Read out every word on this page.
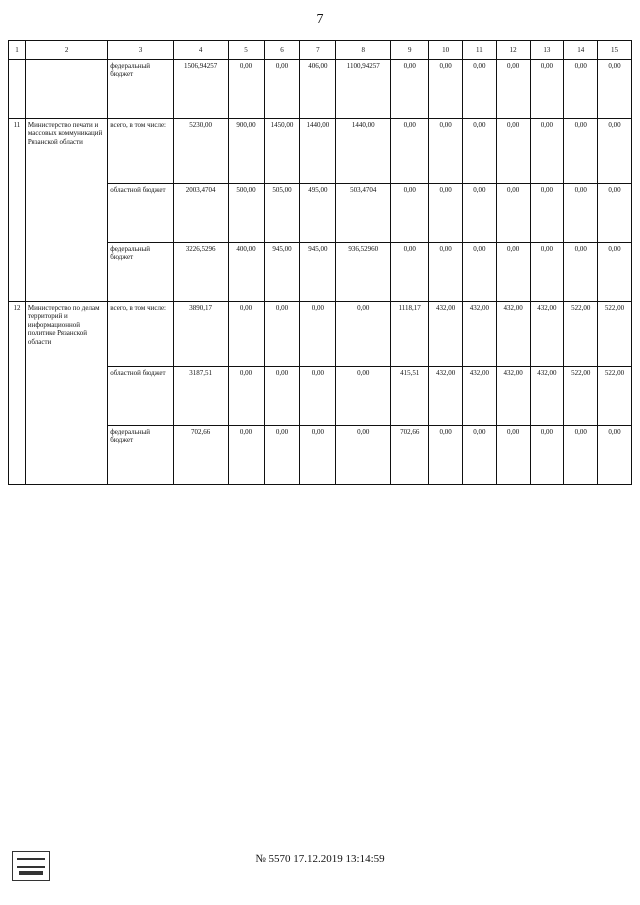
7
1	2	3	4	5	6	7	8	9	10	11	12	13	14	15
		федеральный бюджет	1506,94257	0,00	0,00	406,00	1100,94257	0,00	0,00	0,00	0,00	0,00	0,00	0,00
11	Министерство печати и массовых коммуникаций Рязанской области	всего, в том числе:	5230,00	900,00	1450,00	1440,00	1440,00	0,00	0,00	0,00	0,00	0,00	0,00	0,00
		областной бюджет	2003,4704	500,00	505,00	495,00	503,4704	0,00	0,00	0,00	0,00	0,00	0,00	0,00
		федеральный бюджет	3226,5296	400,00	945,00	945,00	936,52960	0,00	0,00	0,00	0,00	0,00	0,00	0,00
12	Министерство по делам территорий и информационной политике Рязанской области	всего, в том числе:	3890,17	0,00	0,00	0,00	0,00	1118,17	432,00	432,00	432,00	432,00	522,00	522,00
		областной бюджет	3187,51	0,00	0,00	0,00	0,00	415,51	432,00	432,00	432,00	432,00	522,00	522,00
		федеральный бюджет	702,66	0,00	0,00	0,00	0,00	702,66	0,00	0,00	0,00	0,00	0,00	0,00
№ 5570 17.12.2019 13:14:59
